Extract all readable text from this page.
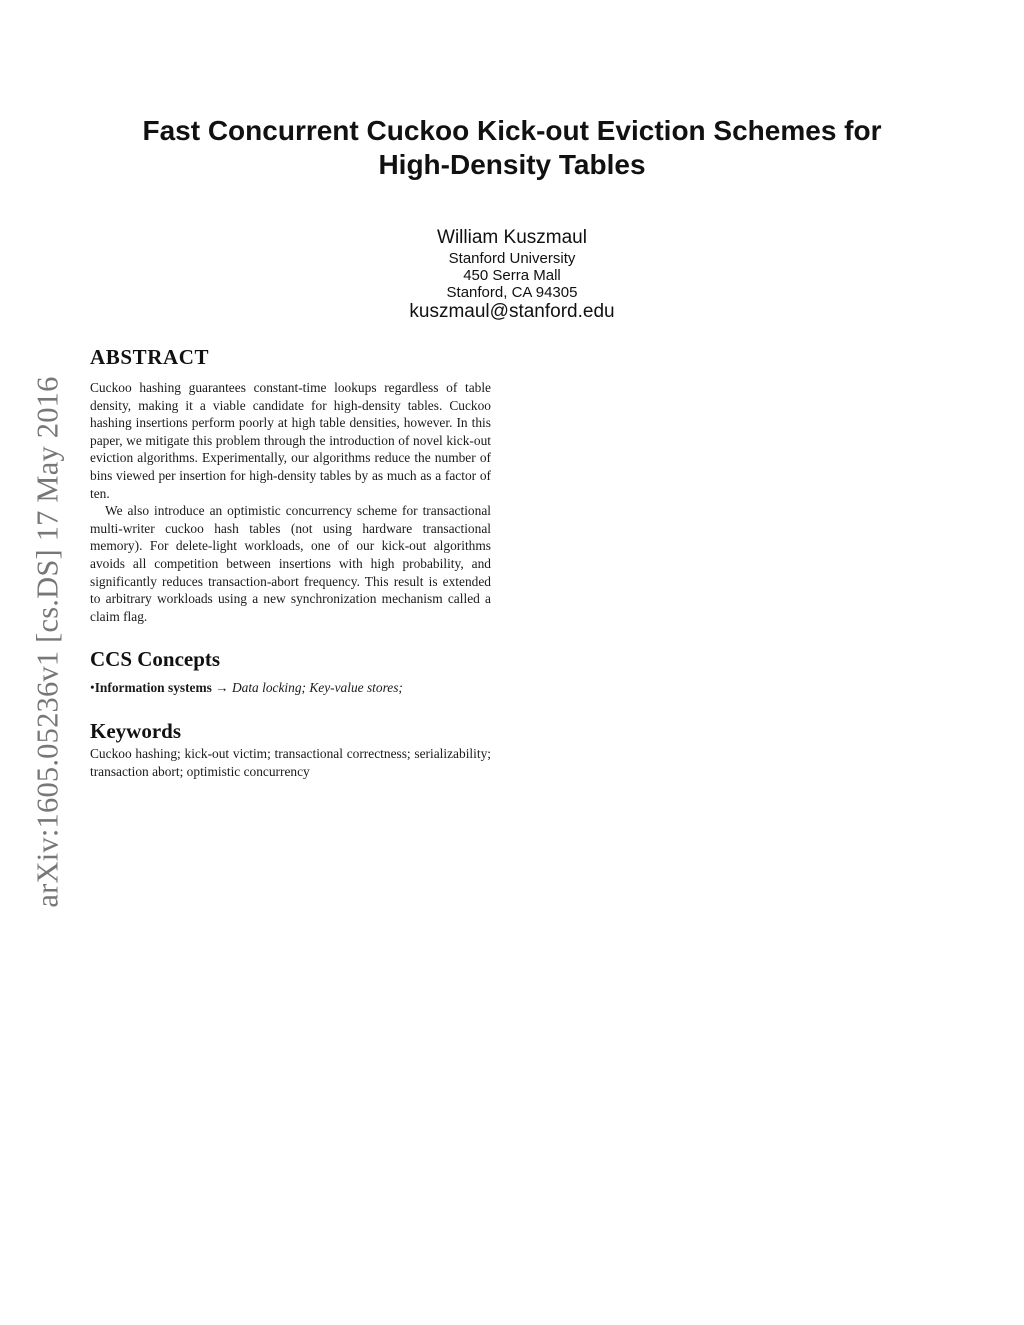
Fast Concurrent Cuckoo Kick-out Eviction Schemes for
High-Density Tables
William Kuszmaul
Stanford University
450 Serra Mall
Stanford, CA 94305
kuszmaul@stanford.edu
arXiv:1605.05236v1 [cs.DS] 17 May 2016
ABSTRACT

Cuckoo hashing guarantees constant-time lookups regardless of table density, making it a viable candidate for high-density tables. Cuckoo hashing insertions perform poorly at high table densities, however. In this paper, we mitigate this problem through the introduction of novel kick-out eviction algorithms. Experimentally, our algorithms reduce the number of bins viewed per insertion for high-density tables by as much as a factor of ten.

We also introduce an optimistic concurrency scheme for transactional multi-writer cuckoo hash tables (not using hardware transactional memory). For delete-light workloads, one of our kick-out algorithms avoids all competition between insertions with high probability, and significantly reduces transaction-abort frequency. This result is extended to arbitrary workloads using a new synchronization mechanism called a claim flag.

CCS Concepts

•Information systems → Data locking; Key-value stores;

Keywords

Cuckoo hashing; kick-out victim; transactional correctness; serializability; transaction abort; optimistic concurrency
